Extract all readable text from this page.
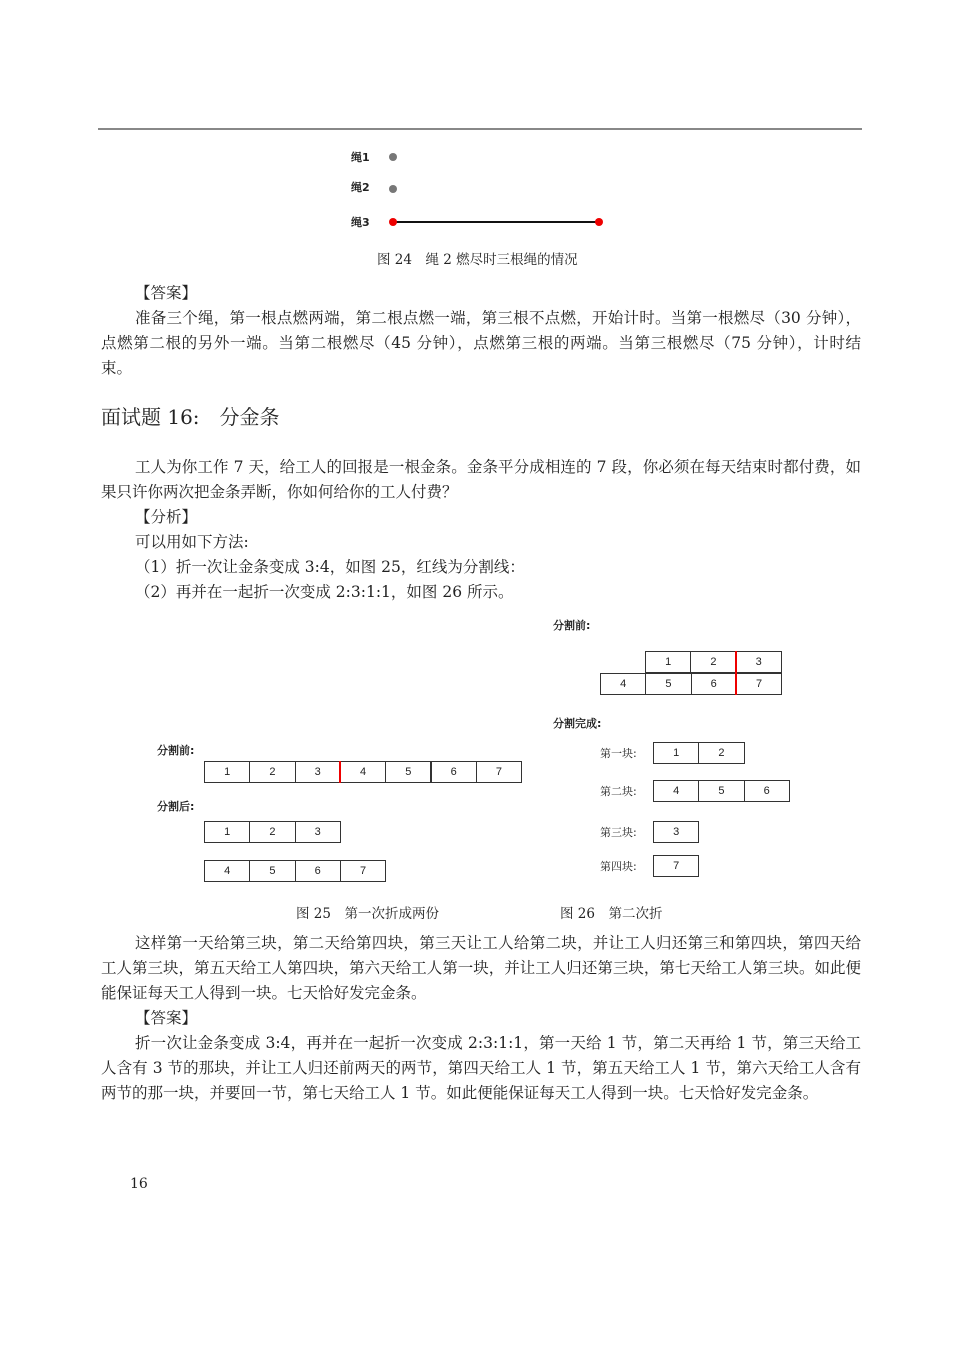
绳1
绳2
绳3
图 24　绳 2 燃尽时三根绳的情况

【答案】

准备三个绳，第一根点燃两端，第二根点燃一端，第三根不点燃，开始计时。当第一根燃尽（30 分钟），点燃第二根的另外一端。当第二根燃尽（45 分钟），点燃第三根的两端。当第三根燃尽（75 分钟），计时结束。

面试题 16:　分金条

工人为你工作 7 天，给工人的回报是一根金条。金条平分成相连的 7 段，你必须在每天结束时都付费，如果只许你两次把金条弄断，你如何给你的工人付费？

【分析】

可以用如下方法:

（1）折一次让金条变成 3:4，如图 25，红线为分割线：

（2）再并在一起折一次变成 2:3:1:1，如图 26 所示。

分割前:
分割后:
图 25　第一次折成两份
分割前:
分割完成:
图 26　第二次折
1	2	3	4	5	6	7
1	2	3
4	5	6	7
1	2	3
4	5	6	7
第一块:	1	2
第二块:	4	5	6
第三块:	3
第四块:	7

这样第一天给第三块，第二天给第四块，第三天让工人给第二块，并让工人归还第三和第四块，第四天给工人第三块，第五天给工人第四块，第六天给工人第一块，并让工人归还第三块，第七天给工人第三块。如此便能保证每天工人得到一块。七天恰好发完金条。

【答案】

折一次让金条变成 3:4，再并在一起折一次变成 2:3:1:1，第一天给 1 节，第二天再给 1 节，第三天给工人含有 3 节的那块，并让工人归还前两天的两节，第四天给工人 1 节，第五天给工人 1 节，第六天给工人含有两节的那一块，并要回一节，第七天给工人 1 节。如此便能保证每天工人得到一块。七天恰好发完金条。

16
